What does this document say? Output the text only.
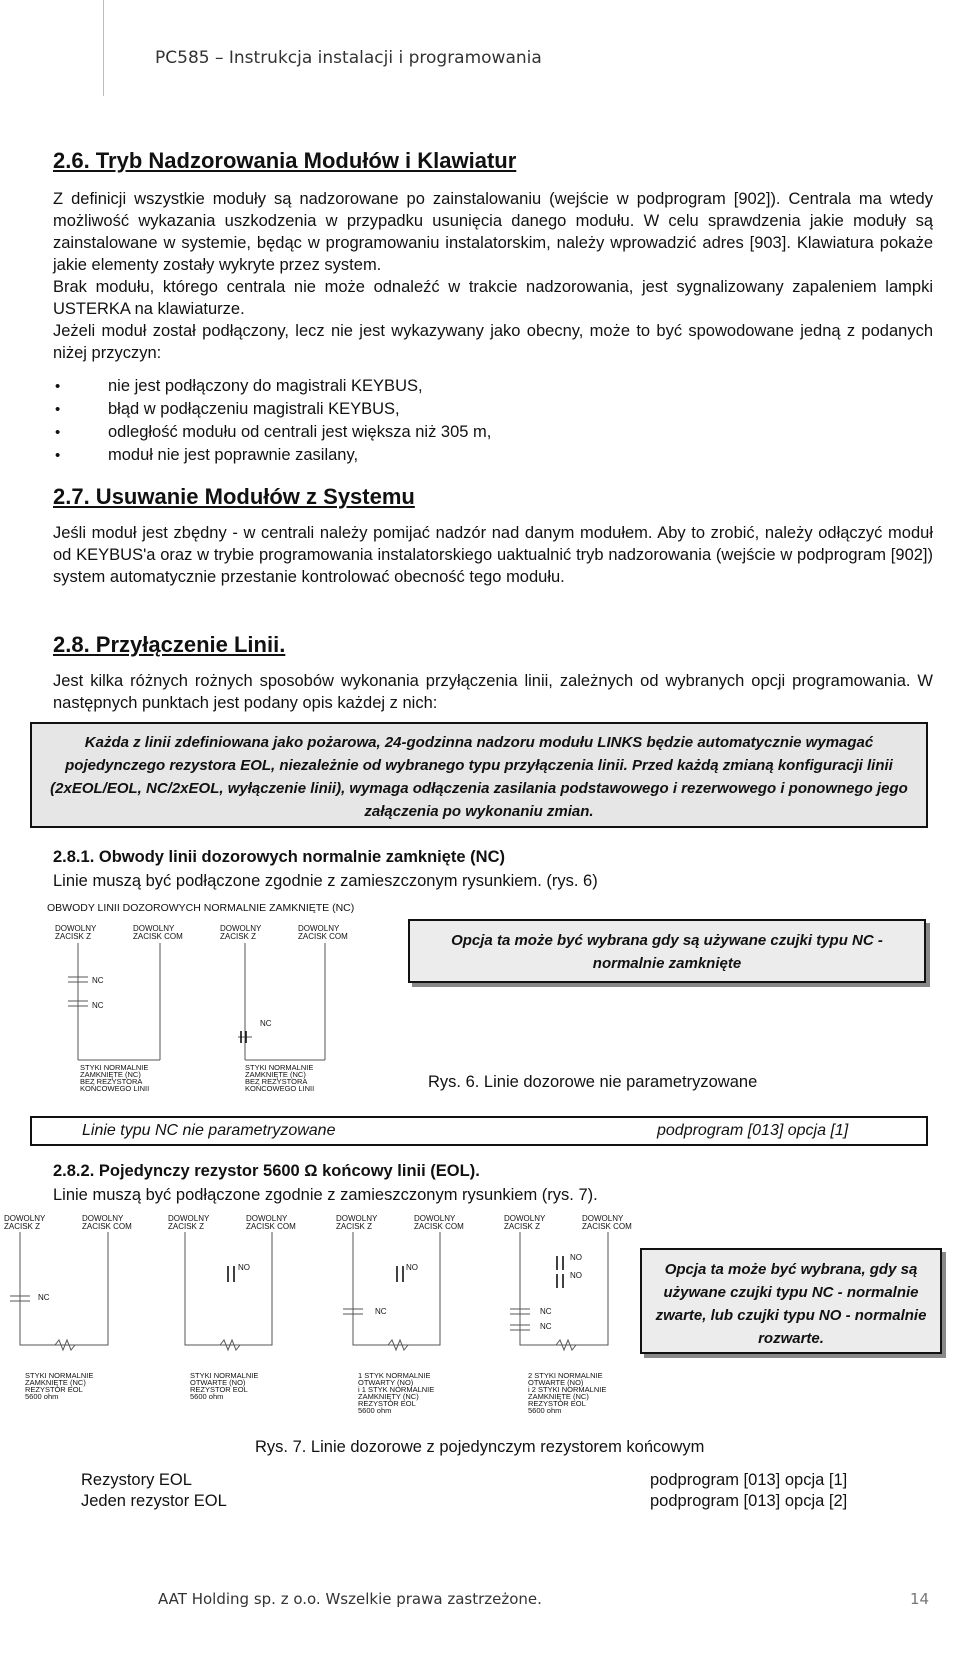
PC585 – Instrukcja instalacji i programowania
2.6. Tryb Nadzorowania Modułów i Klawiatur

Z definicji wszystkie moduły są nadzorowane po zainstalowaniu (wejście w podprogram [902]). Centrala ma wtedy możliwość wykazania uszkodzenia w przypadku usunięcia danego modułu. W celu sprawdzenia jakie moduły są zainstalowane w systemie, będąc w programowaniu instalatorskim, należy wprowadzić adres [903]. Klawiatura pokaże jakie elementy zostały wykryte przez system.

Brak modułu, którego centrala nie może odnaleźć w trakcie nadzorowania, jest sygnalizowany zapaleniem lampki USTERKA na klawiaturze.

Jeżeli moduł został podłączony, lecz nie jest wykazywany jako obecny, może to być spowodowane jedną z podanych niżej przyczyn:

• nie jest podłączony do magistrali KEYBUS,
• błąd w podłączeniu magistrali KEYBUS,
• odległość modułu od centrali jest większa niż 305 m,
• moduł nie jest poprawnie zasilany,
2.7. Usuwanie Modułów z Systemu

Jeśli moduł jest zbędny - w centrali należy pomijać nadzór nad danym modułem. Aby to zrobić, należy odłączyć moduł od KEYBUS'a oraz w trybie programowania instalatorskiego uaktualnić tryb nadzorowania (wejście w podprogram [902]) system automatycznie przestanie kontrolować obecność tego modułu.

2.8. Przyłączenie Linii.

Jest kilka różnych rożnych sposobów wykonania przyłączenia linii, zależnych od wybranych opcji programowania. W następnych punktach jest podany opis każdej z nich:

Każda z linii zdefiniowana jako pożarowa, 24-godzinna nadzoru modułu LINKS będzie automatycznie wymagać pojedynczego rezystora EOL, niezależnie od wybranego typu przyłączenia linii. Przed każdą zmianą konfiguracji linii (2xEOL/EOL, NC/2xEOL, wyłączenie linii), wymaga odłączenia zasilania podstawowego i rezerwowego i ponownego jego załączenia po wykonaniu zmian.
2.8.1. Obwody linii dozorowych normalnie zamknięte (NC)
Linie muszą być podłączone zgodnie z zamieszczonym rysunkiem. (rys. 6)
OBWODY LINII DOZOROWYCH NORMALNIE ZAMKNIĘTE (NC)
DOWOLNY
ZACISK Z
DOWOLNY
ZACISK COM
DOWOLNY
ZACISK Z
DOWOLNY
ZACISK COM
NC
NC
NC
STYKI NORMALNIE
ZAMKNIĘTE (NC)
BEZ REZYSTORA
KOŃCOWEGO LINII
STYKI NORMALNIE
ZAMKNIĘTE (NC)
BEZ REZYSTORA
KOŃCOWEGO LINII
Opcja ta może być wybrana gdy są używane czujki typu NC - normalnie zamknięte
Rys. 6. Linie dozorowe nie parametryzowane
Linie typu NC nie parametryzowane	podprogram [013] opcja [1]
2.8.2. Pojedynczy rezystor 5600 Ω końcowy linii (EOL).
Linie muszą być podłączone zgodnie z zamieszczonym rysunkiem (rys. 7).
DOWOLNY
ZACISK Z
DOWOLNY
ZACISK COM
DOWOLNY
ZACISK Z
DOWOLNY
ZACISK COM
DOWOLNY
ZACISK Z
DOWOLNY
ZACISK COM
DOWOLNY
ZACISK Z
DOWOLNY
ZACISK COM
NC
NO	NO
NC
NO
NO
NC
NC
STYKI NORMALNIE
ZAMKNIĘTE (NC)
REZYSTOR EOL
5600 ohm
STYKI NORMALNIE
OTWARTE (NO)
REZYSTOR EOL
5600 ohm
1 STYK NORMALNIE
OTWARTY (NO)
i 1 STYK NORMALNIE
ZAMKNIĘTY (NC)
REZYSTOR EOL
5600 ohm
2 STYKI NORMALNIE
OTWARTE (NO)
i 2 STYKI NORMALNIE
ZAMKNIĘTE (NC)
REZYSTOR EOL
5600 ohm
Opcja ta może być wybrana, gdy są używane czujki typu NC - normalnie zwarte, lub czujki typu NO - normalnie rozwarte.
Rys. 7. Linie dozorowe z pojedynczym rezystorem końcowym
Rezystory EOL	podprogram [013] opcja [1]
Jeden rezystor EOL	podprogram [013] opcja [2]
AAT Holding sp. z o.o. Wszelkie prawa zastrzeżone.	14
